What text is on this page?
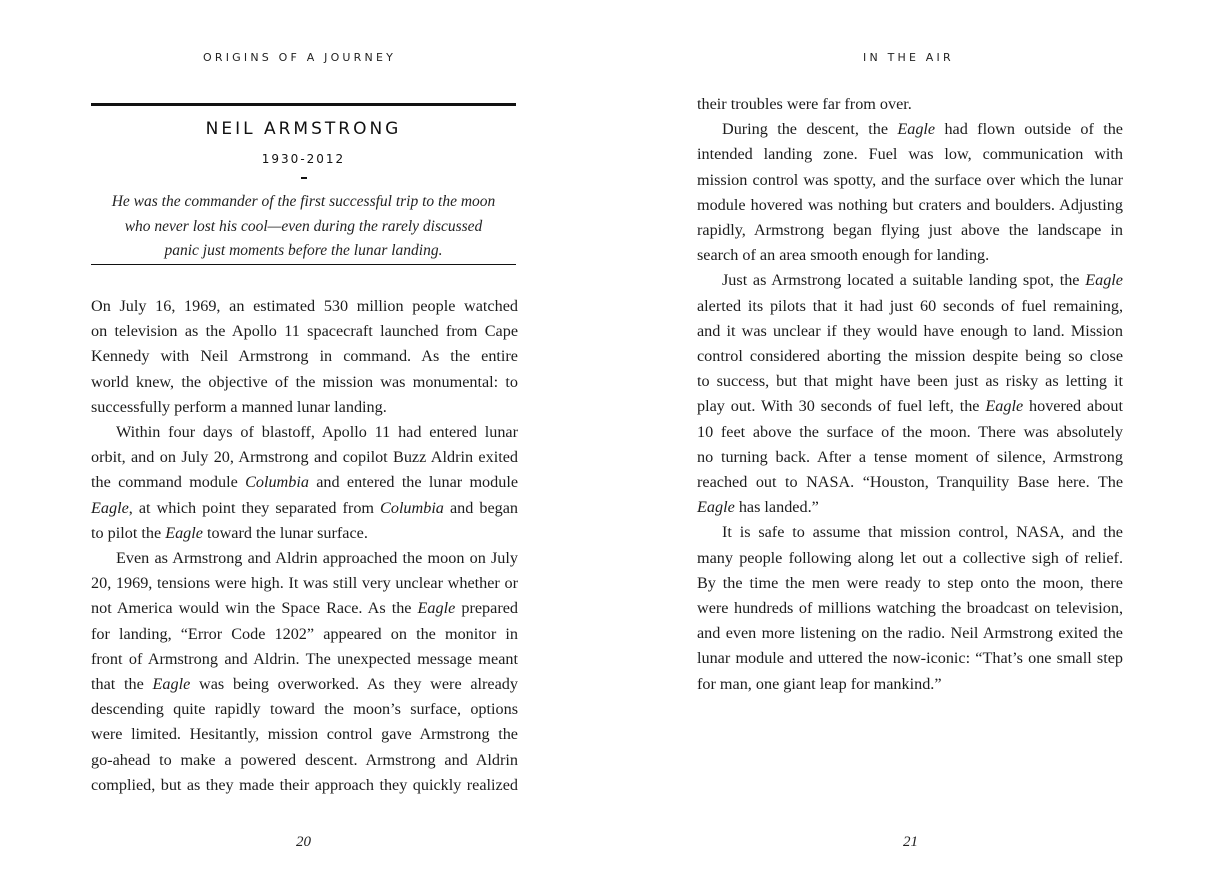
ORIGINS OF A JOURNEY
NEIL ARMSTRONG
1930-2012
He was the commander of the first successful trip to the moon
who never lost his cool—even during the rarely discussed
panic just moments before the lunar landing.
On July 16, 1969, an estimated 530 million people watched
on television as the Apollo 11 spacecraft launched from Cape
Kennedy with Neil Armstrong in command. As the entire
world knew, the objective of the mission was monumental: to
successfully perform a manned lunar landing.
Within four days of blastoff, Apollo 11 had entered lunar
orbit, and on July 20, Armstrong and copilot Buzz Aldrin exited
the command module Columbia and entered the lunar module
Eagle, at which point they separated from Columbia and began
to pilot the Eagle toward the lunar surface.
Even as Armstrong and Aldrin approached the moon on July
20, 1969, tensions were high. It was still very unclear whether or
not America would win the Space Race. As the Eagle prepared
for landing, “Error Code 1202” appeared on the monitor in
front of Armstrong and Aldrin. The unexpected message meant
that the Eagle was being overworked. As they were already
descending quite rapidly toward the moon’s surface, options
were limited. Hesitantly, mission control gave Armstrong the
go-ahead to make a powered descent. Armstrong and Aldrin
complied, but as they made their approach they quickly realized
20
IN THE AIR
their troubles were far from over.
During the descent, the Eagle had flown outside of the
intended landing zone. Fuel was low, communication with
mission control was spotty, and the surface over which the lunar
module hovered was nothing but craters and boulders. Adjusting
rapidly, Armstrong began flying just above the landscape in
search of an area smooth enough for landing.
Just as Armstrong located a suitable landing spot, the Eagle
alerted its pilots that it had just 60 seconds of fuel remaining,
and it was unclear if they would have enough to land. Mission
control considered aborting the mission despite being so close
to success, but that might have been just as risky as letting it
play out. With 30 seconds of fuel left, the Eagle hovered about
10 feet above the surface of the moon. There was absolutely
no turning back. After a tense moment of silence, Armstrong
reached out to NASA. “Houston, Tranquility Base here. The
Eagle has landed.”
It is safe to assume that mission control, NASA, and the
many people following along let out a collective sigh of relief.
By the time the men were ready to step onto the moon, there
were hundreds of millions watching the broadcast on television,
and even more listening on the radio. Neil Armstrong exited the
lunar module and uttered the now-iconic: “That’s one small step
for man, one giant leap for mankind.”
21
